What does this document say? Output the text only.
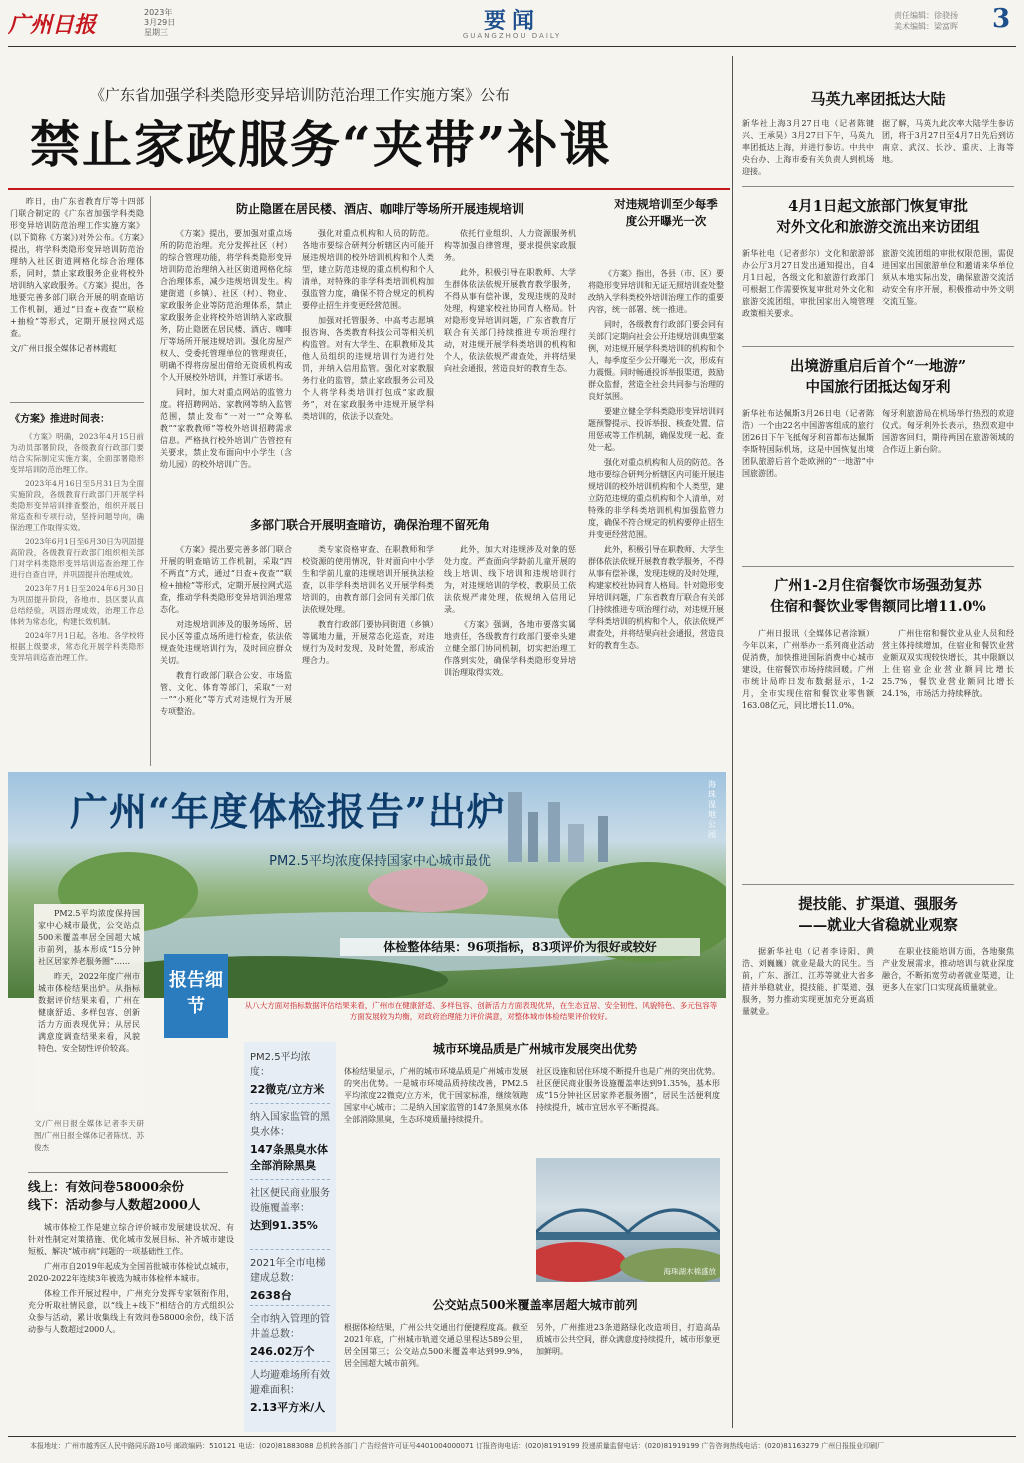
广州日报	2023年
3月29日
星期三	要闻
GUANGZHOU DAILY
责任编辑：徐骁扬
美术编辑：梁富晖	3
《广东省加强学科类隐形变异培训防范治理工作实施方案》公布
禁止家政服务“夹带”补课

昨日，由广东省教育厅等十四部门联合制定的《广东省加强学科类隐形变异培训防范治理工作实施方案》(以下简称《方案》)对外公布。《方案》提出，将学科类隐形变异培训防范治理纳入社区街道网格化综合治理体系，同时，禁止家政服务企业将校外培训纳入家政服务。《方案》提出，各地要完善多部门联合开展的明查暗访工作机制，通过“日查+夜查”“联检+抽检”等形式，定期开展拉网式巡查。

文/广州日报全媒体记者林霞虹

《方案》推进时间表：

《方案》明确，2023年4月15日前为动员部署阶段，各级教育行政部门要结合实际制定实施方案，全面部署隐形变异培训防范治理工作。

2023年4月16日至5月31日为全面实施阶段，各级教育行政部门开展学科类隐形变异培训排查整治，组织开展日常巡查和专项行动，坚持问题导向，确保治理工作取得实效。

2023年6月1日至6月30日为巩固提高阶段，各级教育行政部门组织相关部门对学科类隐形变异培训巡查治理工作进行自查自评，并巩固提升治理成效。

2023年7月1日至2024年6月30日为巩固提升阶段，各地市、县区要认真总结经验，巩固治理成效，治理工作总体转为常态化，构建长效机制。

2024年7月1日起，各地、各学校将根据上级要求，常态化开展学科类隐形变异培训巡查治理工作。

防止隐匿在居民楼、酒店、咖啡厅等场所开展违规培训	对违规培训至少每季度公开曝光一次

《方案》提出，要加强对重点场所的防范治理。充分发挥社区（村）的综合管理功能，将学科类隐形变异培训防范治理纳入社区街道网格化综合治理体系，减少违规培训发生。构建街道（乡镇）、社区（村）、物业、家政服务企业等防范治理体系，禁止家政服务企业将校外培训纳入家政服务，防止隐匿在居民楼、酒店、咖啡厅等场所开展违规培训。强化房屋产权人、受委托管理单位的管理责任，明确不得将房屋出借给无资质机构或个人开展校外培训，并签订承诺书。

同时，加大对重点网站的监管力度。将招聘网站、家教网等纳入监管范围，禁止发布“一对一”“众筹私教”“家教教师”等校外培训招聘需求信息。严格执行校外培训广告管控有关要求，禁止发布面向中小学生（含幼儿园）的校外培训广告。

强化对重点机构和人员的防范。各地市要综合研判分析辖区内可能开展违规培训的校外培训机构和个人类型，建立防范违规的重点机构和个人清单，对特殊的非学科类培训机构加强监管力度，确保不符合规定的机构要停止招生并变更经营范围。

加强对托管服务、中高考志愿填报咨询、各类教育科技公司等相关机构监管。对有大学生、在职教师及其他人员组织的违规培训行为进行处罚，并纳入信用监管。强化对家教服务行业的监管，禁止家政服务公司及个人将学科类培训打包成“家政服务”，对在家政服务中违规开展学科类培训的，依法予以查处。

依托行业组织、人力资源服务机构等加强自律管理，要求提供家政服务。

此外，积极引导在职教师、大学生群体依法依规开展教育教学服务，不得从事有偿补课，发现违规的及时处理，构建家校社协同育人格局。针对隐形变异培训问题，广东省教育厅联合有关部门持续推进专项治理行动，对违规开展学科类培训的机构和个人，依法依规严肃查处，并将结果向社会通报，营造良好的教育生态。

《方案》指出，各县（市、区）要将隐形变异培训和无证无照培训查处整改纳入学科类校外培训治理工作的重要内容，统一部署、统一推进。

同时，各级教育行政部门要会同有关部门定期向社会公开违规培训典型案例，对违规开展学科类培训的机构和个人，每季度至少公开曝光一次，形成有力震慑。同时畅通投诉举报渠道，鼓励群众监督，营造全社会共同参与治理的良好氛围。

要建立健全学科类隐形变异培训问题预警提示、投诉举报、核查处置、信用惩戒等工作机制，确保发现一起、查处一起。

强化对重点机构和人员的防范。各地市要综合研判分析辖区内可能开展违规培训的校外培训机构和个人类型，建立防范违规的重点机构和个人清单，对特殊的非学科类培训机构加强监管力度，确保不符合规定的机构要停止招生并变更经营范围。

此外，积极引导在职教师、大学生群体依法依规开展教育教学服务，不得从事有偿补课，发现违规的及时处理，构建家校社协同育人格局。针对隐形变异培训问题，广东省教育厅联合有关部门持续推进专项治理行动，对违规开展学科类培训的机构和个人，依法依规严肃查处，并将结果向社会通报，营造良好的教育生态。

多部门联合开展明查暗访，确保治理不留死角

《方案》提出要完善多部门联合开展的明查暗访工作机制，采取“四不两直”方式，通过“日查+夜查”“联检+抽检”等形式，定期开展拉网式巡查，推动学科类隐形变异培训治理常态化。

对违规培训涉及的服务场所、居民小区等重点场所进行检查，依法依规查处违规培训行为，及时回应群众关切。

教育行政部门联合公安、市场监管、文化、体育等部门，采取“一对一”“小班化”等方式对违规行为开展专项整治。

类专家资格审查、在职教师和学校资源的使用情况，针对面向中小学生和学前儿童的违规培训开展执法检查，以非学科类培训名义开展学科类培训的，由教育部门会同有关部门依法依规处理。

教育行政部门要协同街道（乡镇）等属地力量，开展常态化巡查，对违规行为及时发现、及时处置，形成治理合力。

此外，加大对违规涉及对象的惩处力度。严查面向学龄前儿童开展的线上培训、线下培训和违规培训行为，对违规培训的学校、教职员工依法依规严肃处理，依规纳入信用记录。

《方案》强调，各地市要落实属地责任，各级教育行政部门要牵头建立健全部门协同机制，切实把治理工作落到实处，确保学科类隐形变异培训治理取得实效。

海珠湿地公园
广州“年度体检报告”出炉
PM2.5平均浓度保持国家中心城市最优

PM2.5平均浓度保持国家中心城市最优，公交站点500米覆盖率居全国超大城市前列，基本形成“15分钟社区居家养老服务圈”……

昨天，2022年度广州市城市体检结果出炉。从指标数据评价结果来看，广州在健康舒适、多样包容、创新活力方面表现优异；从居民满意度调查结果来看，风貌特色、安全韧性评价较高。

文/广州日报全媒体记者李天研 图/广州日报全媒体记者陈忧、苏俊杰
报告细节
体检整体结果：96项指标，83项评价为很好或较好
从八大方面对指标数据评估结果来看，广州市在健康舒适、多样包容、创新活力方面表现优异，在生态宜居、安全韧性、风貌特色、多元包容等方面发展较为均衡，对政府治理能力评价满意，对整体城市体检结果评价较好。
PM2.5平均浓度：
22微克/立方米
纳入国家监管的黑臭水体：
147条黑臭水体全部消除黑臭
社区便民商业服务设施覆盖率：
达到91.35%
2021年全市电梯建成总数：
2638台
全市纳入管理的管井盖总数：
246.02万个
人均避难场所有效避难面积：
2.13平方米/人
线上：有效问卷58000余份
线下：活动参与人数超2000人

城市体检工作是建立综合评价城市发展建设状况、有针对性制定对策措施、优化城市发展目标、补齐城市建设短板、解决“城市病”问题的一项基础性工作。

广州市自2019年起成为全国首批城市体检试点城市，2020-2022年连续3年被选为城市体检样本城市。

体检工作开展过程中，广州充分发挥专家领衔作用，充分听取社情民意，以“线上+线下”相结合的方式组织公众参与活动，累计收集线上有效问卷58000余份，线下活动参与人数超过2000人。

城市环境品质是广州城市发展突出优势
体检结果显示，广州的城市环境品质是广州城市发展的突出优势。一是城市环境品质持续改善，PM2.5平均浓度22微克/立方米，优于国家标准，继续领跑国家中心城市；二是纳入国家监管的147条黑臭水体全部消除黑臭，生态环境质量持续提升。
社区设施和居住环境不断提升也是广州的突出优势。社区便民商业服务设施覆盖率达到91.35%，基本形成“15分钟社区居家养老服务圈”，居民生活便利度持续提升，城市宜居水平不断提高。
海珠湖木棉盛放
公交站点500米覆盖率居超大城市前列
根据体检结果，广州公共交通出行便捷程度高。截至2021年底，广州城市轨道交通总里程达589公里，居全国第三；公交站点500米覆盖率达到99.9%，居全国超大城市前列。
另外，广州推进23条道路绿化改造项目，打造高品质城市公共空间，群众满意度持续提升，城市形象更加鲜明。
马英九率团抵达大陆
新华社上海3月27日电（记者陈键兴、王承昊）3月27日下午，马英九率团抵达上海，并进行参访。中共中央台办、上海市委有关负责人到机场迎接。
据了解，马英九此次率大陆学生参访团，将于3月27日至4月7日先后到访南京、武汉、长沙、重庆、上海等地。
4月1日起文旅部门恢复审批
对外文化和旅游交流出来访团组
新华社电（记者彭尔）文化和旅游部办公厅3月27日发出通知提出，自4月1日起，各级文化和旅游行政部门可根据工作需要恢复审批对外文化和旅游交流团组，审批国家出入境管理政策相关要求。
旅游交流团组的审批权限范围，需促进国家出国旅游单位和邀请来华单位须从本地实际出发，确保旅游交流活动安全有序开展，积极推动中外文明交流互鉴。
出境游重启后首个“一地游”
中国旅行团抵达匈牙利
新华社布达佩斯3月26日电（记者陈浩）一个由22名中国游客组成的旅行团26日下午飞抵匈牙利首都布达佩斯李斯特国际机场，这是中国恢复出境团队旅游后首个赴欧洲的“一地游”中国旅游团。
匈牙利旅游局在机场举行热烈的欢迎仪式。匈牙利外长表示，热烈欢迎中国游客回归，期待两国在旅游领域的合作迈上新台阶。
广州1-2月住宿餐饮市场强劲复苏
住宿和餐饮业零售额同比增11.0%

广州日报讯（全媒体记者涂颖）今年以来，广州举办一系列商业活动促消费，加快推进国际消费中心城市建设，住宿餐饮市场持续回暖。广州市统计局昨日发布数据显示，1-2月，全市实现住宿和餐饮业零售额163.08亿元，同比增长11.0%。

广州住宿和餐饮业从业人员和经营主体持续增加，住宿业和餐饮业营业额双双实现较快增长，其中限额以上住宿业企业营业额同比增长25.7%，餐饮业营业额同比增长24.1%，市场活力持续释放。

提技能、扩渠道、强服务
——就业大省稳就业观察

据新华社电（记者李诗阳、黄浩、刘巍巍）就业是最大的民生。当前，广东、浙江、江苏等就业大省多措并举稳就业，提技能、扩渠道、强服务，努力推动实现更加充分更高质量就业。

在职业技能培训方面，各地聚焦产业发展需求，推动培训与就业深度融合，不断拓宽劳动者就业渠道，让更多人在家门口实现高质量就业。

本报地址：广州市越秀区人民中路同乐路10号 邮政编码：510121 电话：(020)81883088 总机转各部门 广告经营许可证号4401004000071 订报咨询电话：(020)81919199 投递质量监督电话：(020)81919199 广告咨询热线电话：(020)81163279 广州日报报业印刷厂
